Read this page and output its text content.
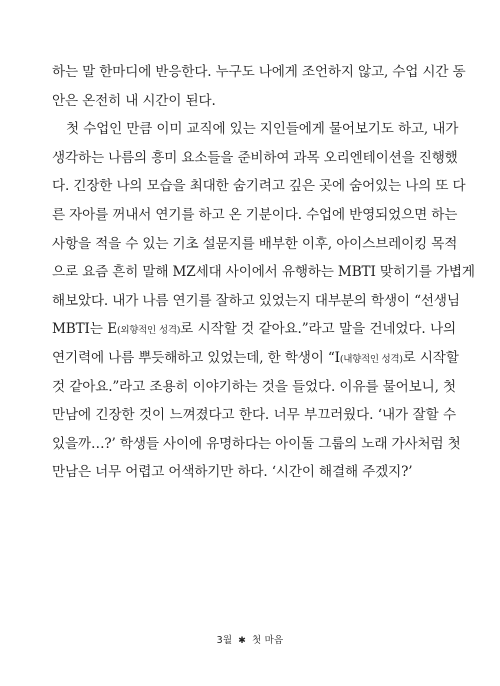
하는 말 한마디에 반응한다. 누구도 나에게 조언하지 않고, 수업 시간 동
안은 온전히 내 시간이 된다.
첫 수업인 만큼 이미 교직에 있는 지인들에게 물어보기도 하고, 내가
생각하는 나름의 흥미 요소들을 준비하여 과목 오리엔테이션을 진행했
다. 긴장한 나의 모습을 최대한 숨기려고 깊은 곳에 숨어있는 나의 또 다
른 자아를 꺼내서 연기를 하고 온 기분이다. 수업에 반영되었으면 하는
사항을 적을 수 있는 기초 설문지를 배부한 이후, 아이스브레이킹 목적
으로 요즘 흔히 말해 MZ세대 사이에서 유행하는 MBTI 맞히기를 가볍게
해보았다. 내가 나름 연기를 잘하고 있었는지 대부분의 학생이 “선생님
MBTI는 E(외향적인 성격)로 시작할 것 같아요.”라고 말을 건네었다. 나의
연기력에 나름 뿌듯해하고 있었는데, 한 학생이 “I(내향적인 성격)로 시작할
것 같아요.”라고 조용히 이야기하는 것을 들었다. 이유를 물어보니, 첫
만남에 긴장한 것이 느껴졌다고 한다. 너무 부끄러웠다. ‘내가 잘할 수
있을까…?’ 학생들 사이에 유명하다는 아이돌 그룹의 노래 가사처럼 첫
만남은 너무 어렵고 어색하기만 하다. ‘시간이 해결해 주겠지?’
3월 ✱ 첫 마음
